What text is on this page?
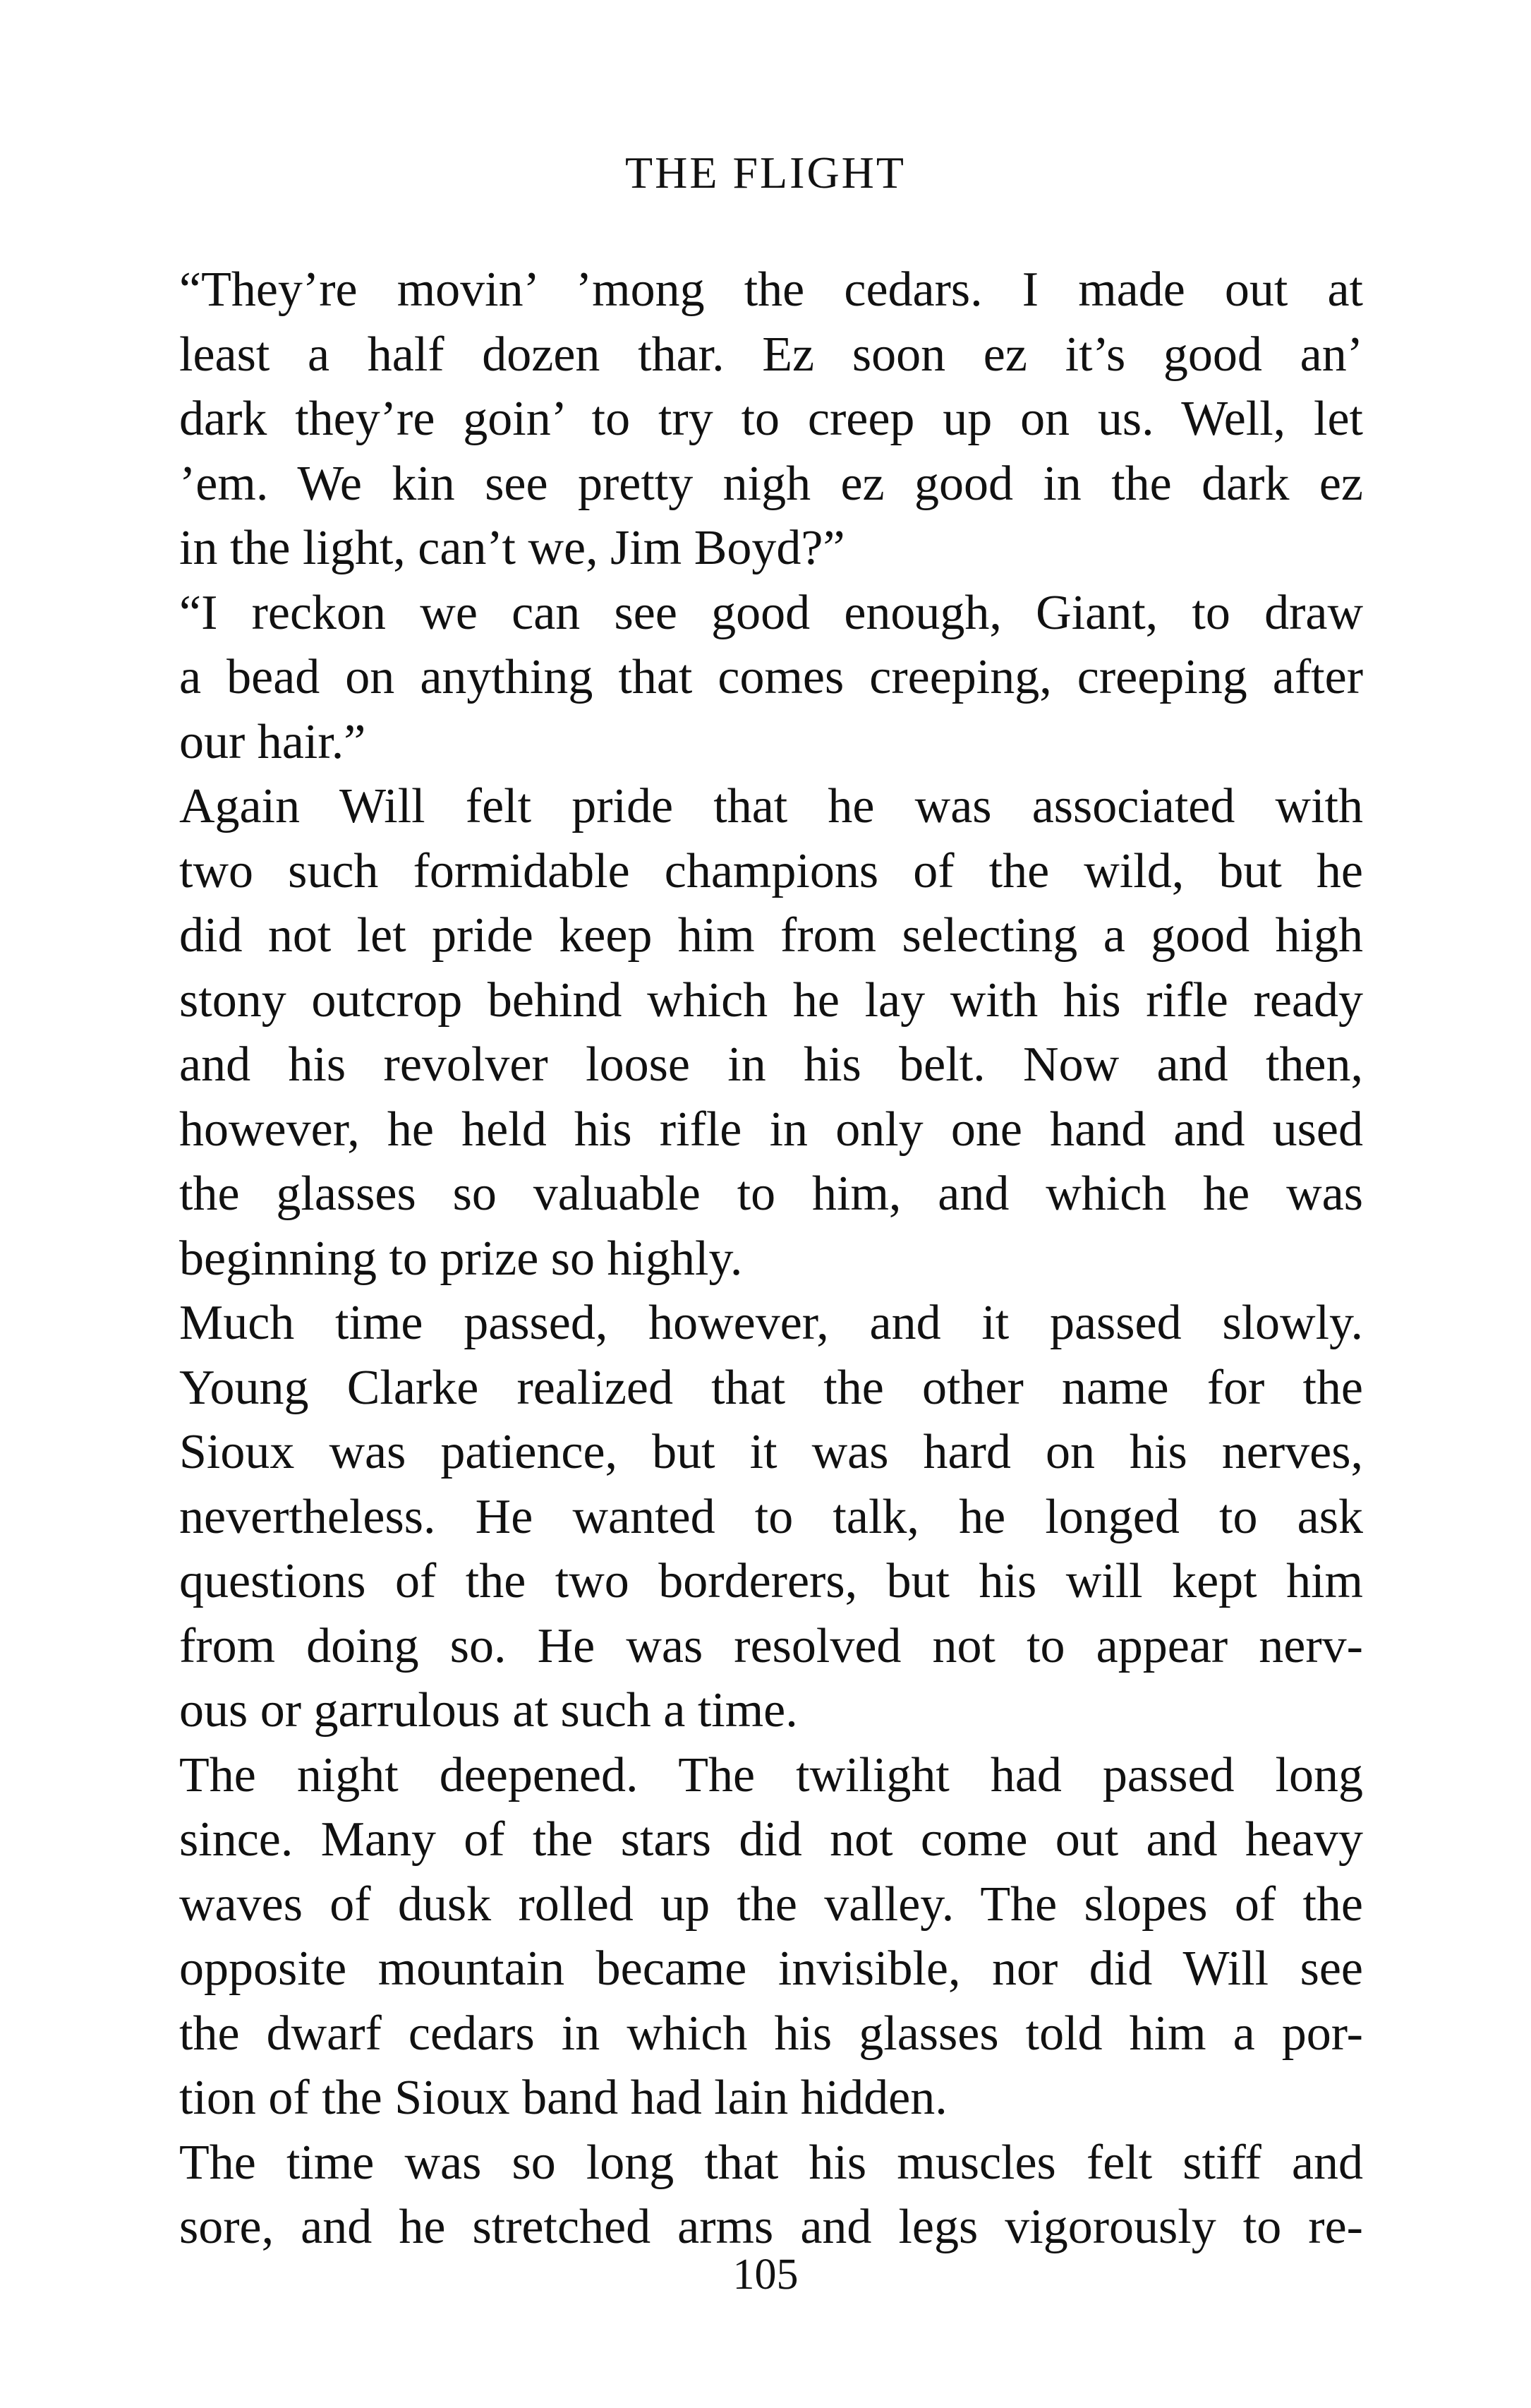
THE FLIGHT

“They’re movin’ ’mong the cedars. I made out at
least a half dozen thar. Ez soon ez it’s good an’
dark they’re goin’ to try to creep up on us. Well, let
’em. We kin see pretty nigh ez good in the dark ez
in the light, can’t we, Jim Boyd?”

“I reckon we can see good enough, Giant, to draw
a bead on anything that comes creeping, creeping after
our hair.”

Again Will felt pride that he was associated with
two such formidable champions of the wild, but he
did not let pride keep him from selecting a good high
stony outcrop behind which he lay with his rifle ready
and his revolver loose in his belt. Now and then,
however, he held his rifle in only one hand and used
the glasses so valuable to him, and which he was
beginning to prize so highly.

Much time passed, however, and it passed slowly.
Young Clarke realized that the other name for the
Sioux was patience, but it was hard on his nerves,
nevertheless. He wanted to talk, he longed to ask
questions of the two borderers, but his will kept him
from doing so. He was resolved not to appear nerv-
ous or garrulous at such a time.

The night deepened. The twilight had passed long
since. Many of the stars did not come out and heavy
waves of dusk rolled up the valley. The slopes of the
opposite mountain became invisible, nor did Will see
the dwarf cedars in which his glasses told him a por-
tion of the Sioux band had lain hidden.

The time was so long that his muscles felt stiff and
sore, and he stretched arms and legs vigorously to re-

105
